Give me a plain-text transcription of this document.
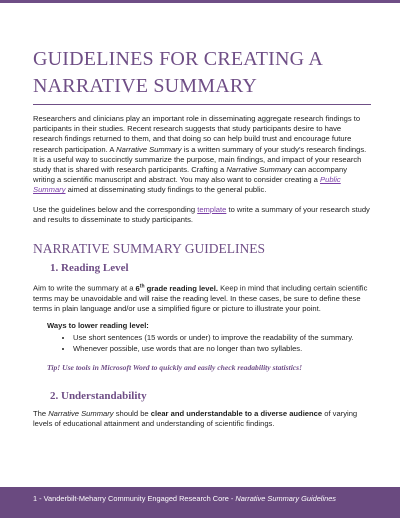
GUIDELINES FOR CREATING A NARRATIVE SUMMARY

Researchers and clinicians play an important role in disseminating aggregate research findings to participants in their studies. Recent research suggests that study participants desire to have research findings returned to them, and that doing so can help build trust and encourage future research participation. A Narrative Summary is a written summary of your study’s research findings. It is a useful way to succinctly summarize the purpose, main findings, and impact of your research study that is shared with research participants. Crafting a Narrative Summary can accompany writing a scientific manuscript and abstract. You may also want to consider creating a Public Summary aimed at disseminating study findings to the general public.

Use the guidelines below and the corresponding template to write a summary of your research study and results to disseminate to study participants.

NARRATIVE SUMMARY GUIDELINES
1. Reading Level

Aim to write the summary at a 6th grade reading level. Keep in mind that including certain scientific terms may be unavoidable and will raise the reading level. In these cases, be sure to define these terms in plain language and/or use a simplified figure or picture to illustrate your point.

Ways to lower reading level:
• Use short sentences (15 words or under) to improve the readability of the summary.
• Whenever possible, use words that are no longer than two syllables.
Tip! Use tools in Microsoft Word to quickly and easily check readability statistics!
2. Understandability

The Narrative Summary should be clear and understandable to a diverse audience of varying levels of educational attainment and understanding of scientific findings.

1 - Vanderbilt-Meharry Community Engaged Research Core - Narrative Summary Guidelines
